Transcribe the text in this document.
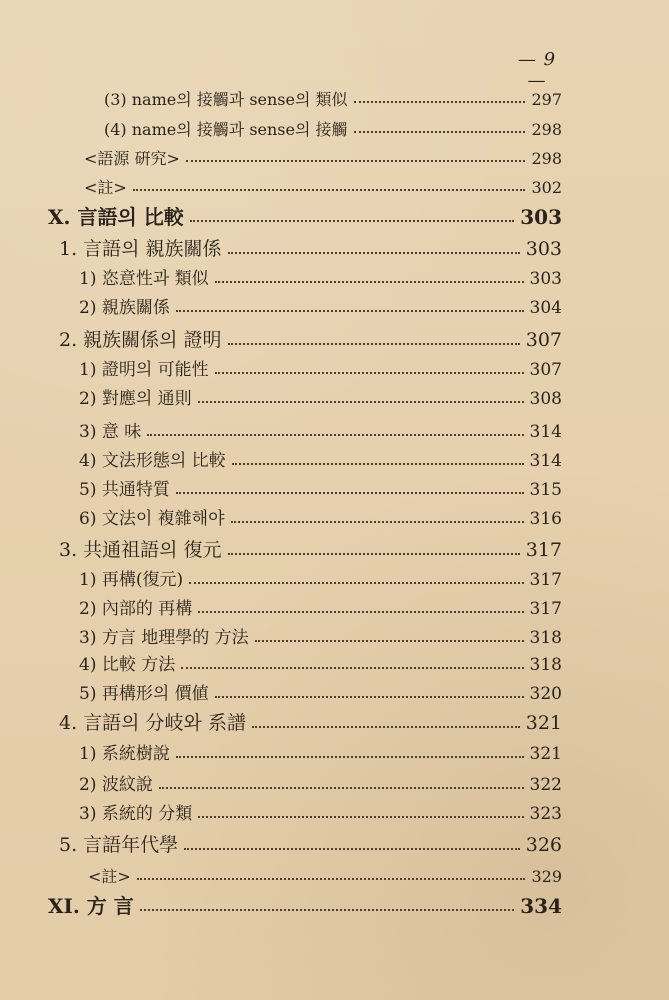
— 9 —
(3) name의 接觸과 sense의 類似	297
(4) name의 接觸과 sense의 接觸	298
<語源 硏究>	298
<註>	302
X. 言語의 比較	303
1. 言語의 親族關係	303
1) 恣意性과 類似	303
2) 親族關係	304
2. 親族關係의 證明	307
1) 證明의 可能性	307
2) 對應의 通則	308
3) 意 味	314
4) 文法形態의 比較	314
5) 共通特質	315
6) 文法이 複雜해야	316
3. 共通祖語의 復元	317
1) 再構(復元)	317
2) 內部的 再構	317
3) 方言 地理學的 方法	318
4) 比較 方法	318
5) 再構形의 價値	320
4. 言語의 分岐와 系譜	321
1) 系統樹說	321
2) 波紋說	322
3) 系統的 分類	323
5. 言語年代學	326
<註>	329
XI. 方 言	334
